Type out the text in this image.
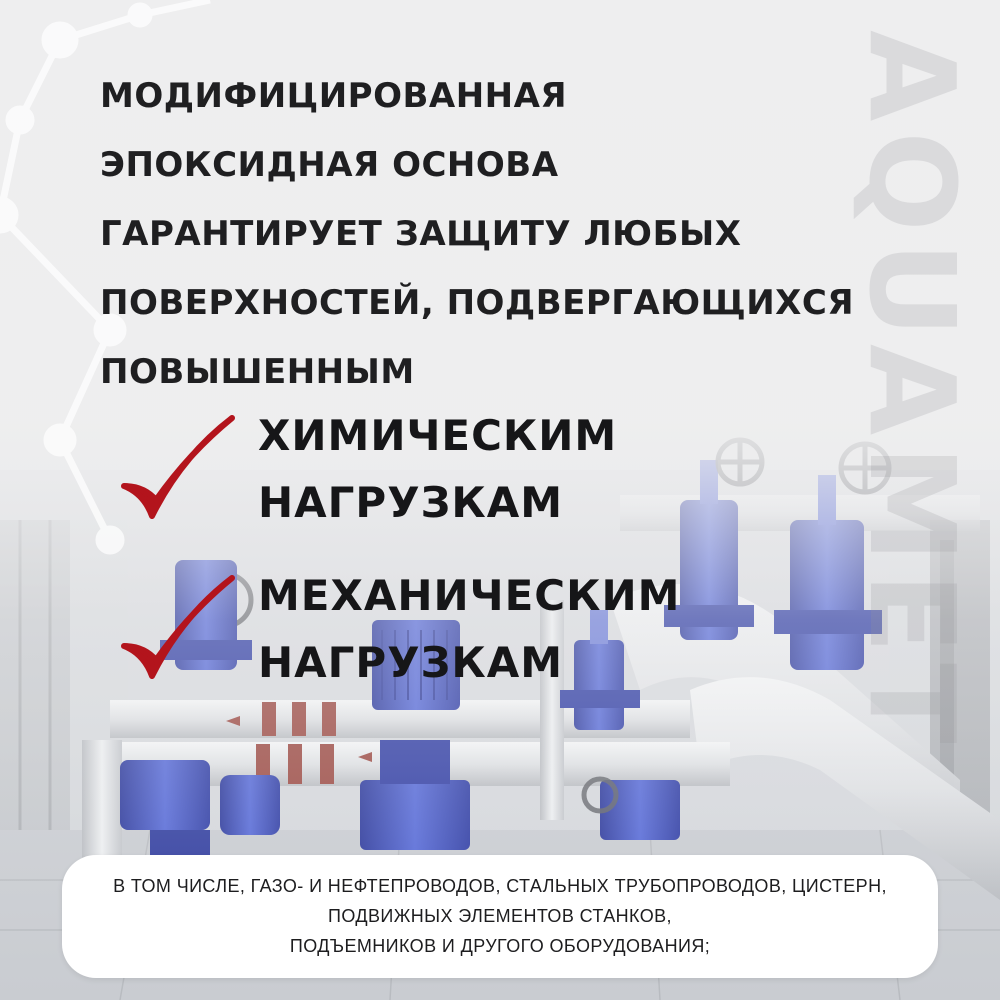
AQUAMET
МОДИФИЦИРОВАННАЯ
ЭПОКСИДНАЯ ОСНОВА
ГАРАНТИРУЕТ ЗАЩИТУ ЛЮБЫХ
ПОВЕРХНОСТЕЙ, ПОДВЕРГАЮЩИХСЯ
ПОВЫШЕННЫМ
ХИМИЧЕСКИМ
НАГРУЗКАМ
МЕХАНИЧЕСКИМ
НАГРУЗКАМ
В ТОМ ЧИСЛЕ, ГАЗО- И НЕФТЕПРОВОДОВ, СТАЛЬНЫХ ТРУБОПРОВОДОВ, ЦИСТЕРН,
ПОДВИЖНЫХ ЭЛЕМЕНТОВ СТАНКОВ,
ПОДЪЕМНИКОВ И ДРУГОГО ОБОРУДОВАНИЯ;
